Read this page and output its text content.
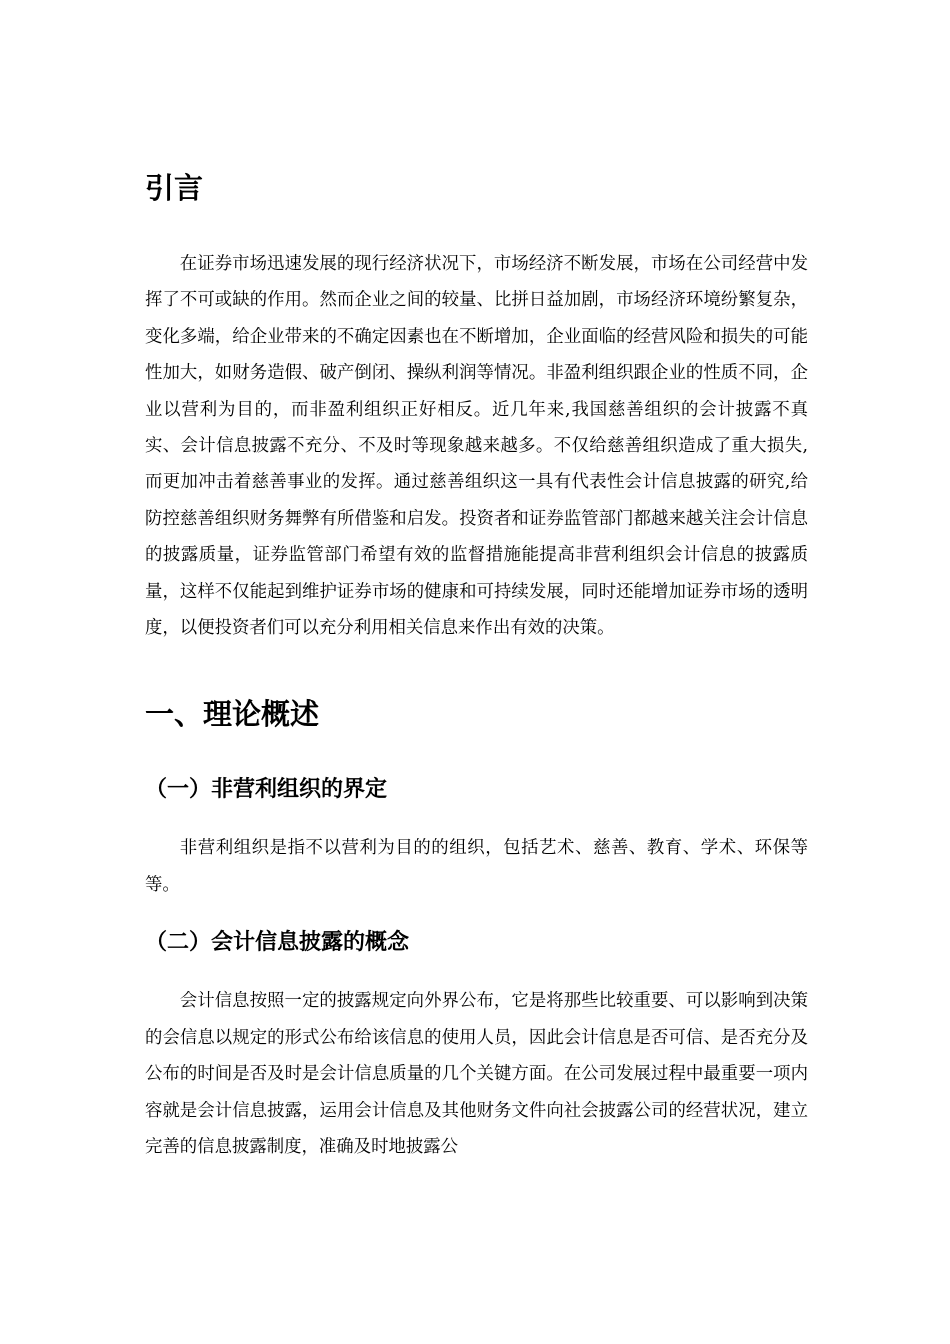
引言

在证券市场迅速发展的现行经济状况下，市场经济不断发展，市场在公司经营中发挥了不可或缺的作用。然而企业之间的较量、比拼日益加剧，市场经济环境纷繁复杂，变化多端，给企业带来的不确定因素也在不断增加，企业面临的经营风险和损失的可能性加大，如财务造假、破产倒闭、操纵利润等情况。非盈利组织跟企业的性质不同，企业以营利为目的，而非盈利组织正好相反。近几年来,我国慈善组织的会计披露不真实、会计信息披露不充分、不及时等现象越来越多。不仅给慈善组织造成了重大损失,而更加冲击着慈善事业的发挥。通过慈善组织这一具有代表性会计信息披露的研究,给防控慈善组织财务舞弊有所借鉴和启发。投资者和证券监管部门都越来越关注会计信息的披露质量，证券监管部门希望有效的监督措施能提高非营利组织会计信息的披露质量，这样不仅能起到维护证券市场的健康和可持续发展，同时还能增加证券市场的透明度，以便投资者们可以充分利用相关信息来作出有效的决策。

一、理论概述
（一）非营利组织的界定

非营利组织是指不以营利为目的的组织，包括艺术、慈善、教育、学术、环保等等。

（二）会计信息披露的概念

会计信息按照一定的披露规定向外界公布，它是将那些比较重要、可以影响到决策的会信息以规定的形式公布给该信息的使用人员，因此会计信息是否可信、是否充分及公布的时间是否及时是会计信息质量的几个关键方面。在公司发展过程中最重要一项内容就是会计信息披露，运用会计信息及其他财务文件向社会披露公司的经营状况，建立完善的信息披露制度，准确及时地披露公
